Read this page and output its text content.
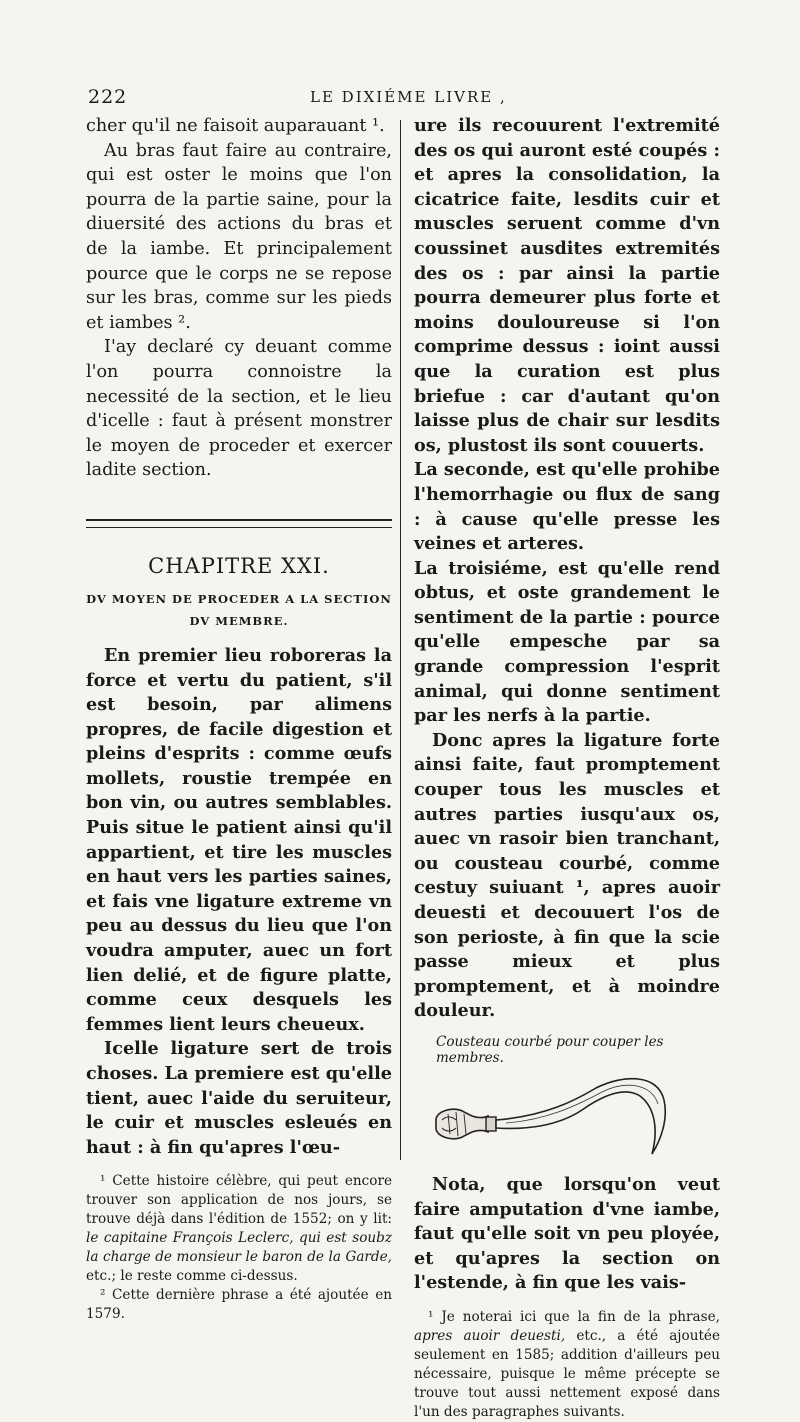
222	LE DIXIÉME LIVRE ,

cher qu'il ne faisoit auparauant ¹.

Au bras faut faire au contraire, qui est oster le moins que l'on pourra de la partie saine, pour la diuersité des actions du bras et de la iambe. Et principalement pource que le corps ne se repose sur les bras, comme sur les pieds et iambes ².

I'ay declaré cy deuant comme l'on pourra connoistre la necessité de la section, et le lieu d'icelle : faut à présent monstrer le moyen de proceder et exercer ladite section.

CHAPITRE XXI.
DV MOYEN DE PROCEDER A LA SECTION
DV MEMBRE.

En premier lieu roboreras la force et vertu du patient, s'il est besoin, par alimens propres, de facile digestion et pleins d'esprits : comme œufs mollets, roustie trempée en bon vin, ou autres semblables. Puis situe le patient ainsi qu'il appartient, et tire les muscles en haut vers les parties saines, et fais vne ligature extreme vn peu au dessus du lieu que l'on voudra amputer, auec un fort lien delié, et de figure platte, comme ceux desquels les femmes lient leurs cheueux.

Icelle ligature sert de trois choses. La premiere est qu'elle tient, auec l'aide du seruiteur, le cuir et muscles esleués en haut : à fin qu'apres l'œu-

¹ Cette histoire célèbre, qui peut encore trouver son application de nos jours, se trouve déjà dans l'édition de 1552; on y lit: le capitaine François Leclerc, qui est soubz la charge de monsieur le baron de la Garde, etc.; le reste comme ci-dessus.

² Cette dernière phrase a été ajoutée en 1579.

ure ils recouurent l'extremité des os qui auront esté coupés : et apres la consolidation, la cicatrice faite, lesdits cuir et muscles seruent comme d'vn coussinet ausdites extremités des os : par ainsi la partie pourra demeurer plus forte et moins douloureuse si l'on comprime dessus : ioint aussi que la curation est plus briefue : car d'autant qu'on laisse plus de chair sur lesdits os, plustost ils sont couuerts.

La seconde, est qu'elle prohibe l'hemorrhagie ou flux de sang : à cause qu'elle presse les veines et arteres.

La troisiéme, est qu'elle rend obtus, et oste grandement le sentiment de la partie : pource qu'elle empesche par sa grande compression l'esprit animal, qui donne sentiment par les nerfs à la partie.

Donc apres la ligature forte ainsi faite, faut promptement couper tous les muscles et autres parties iusqu'aux os, auec vn rasoir bien tranchant, ou cousteau courbé, comme cestuy suiuant ¹, apres auoir deuesti et decouuert l'os de son perioste, à fin que la scie passe mieux et plus promptement, et à moindre douleur.

Cousteau courbé pour couper les membres.

Nota, que lorsqu'on veut faire amputation d'vne iambe, faut qu'elle soit vn peu ployée, et qu'apres la section on l'estende, à fin que les vais-

¹ Je noterai ici que la fin de la phrase, apres auoir deuesti, etc., a été ajoutée seulement en 1585; addition d'ailleurs peu nécessaire, puisque le même précepte se trouve tout aussi nettement exposé dans l'un des paragraphes suivants.
